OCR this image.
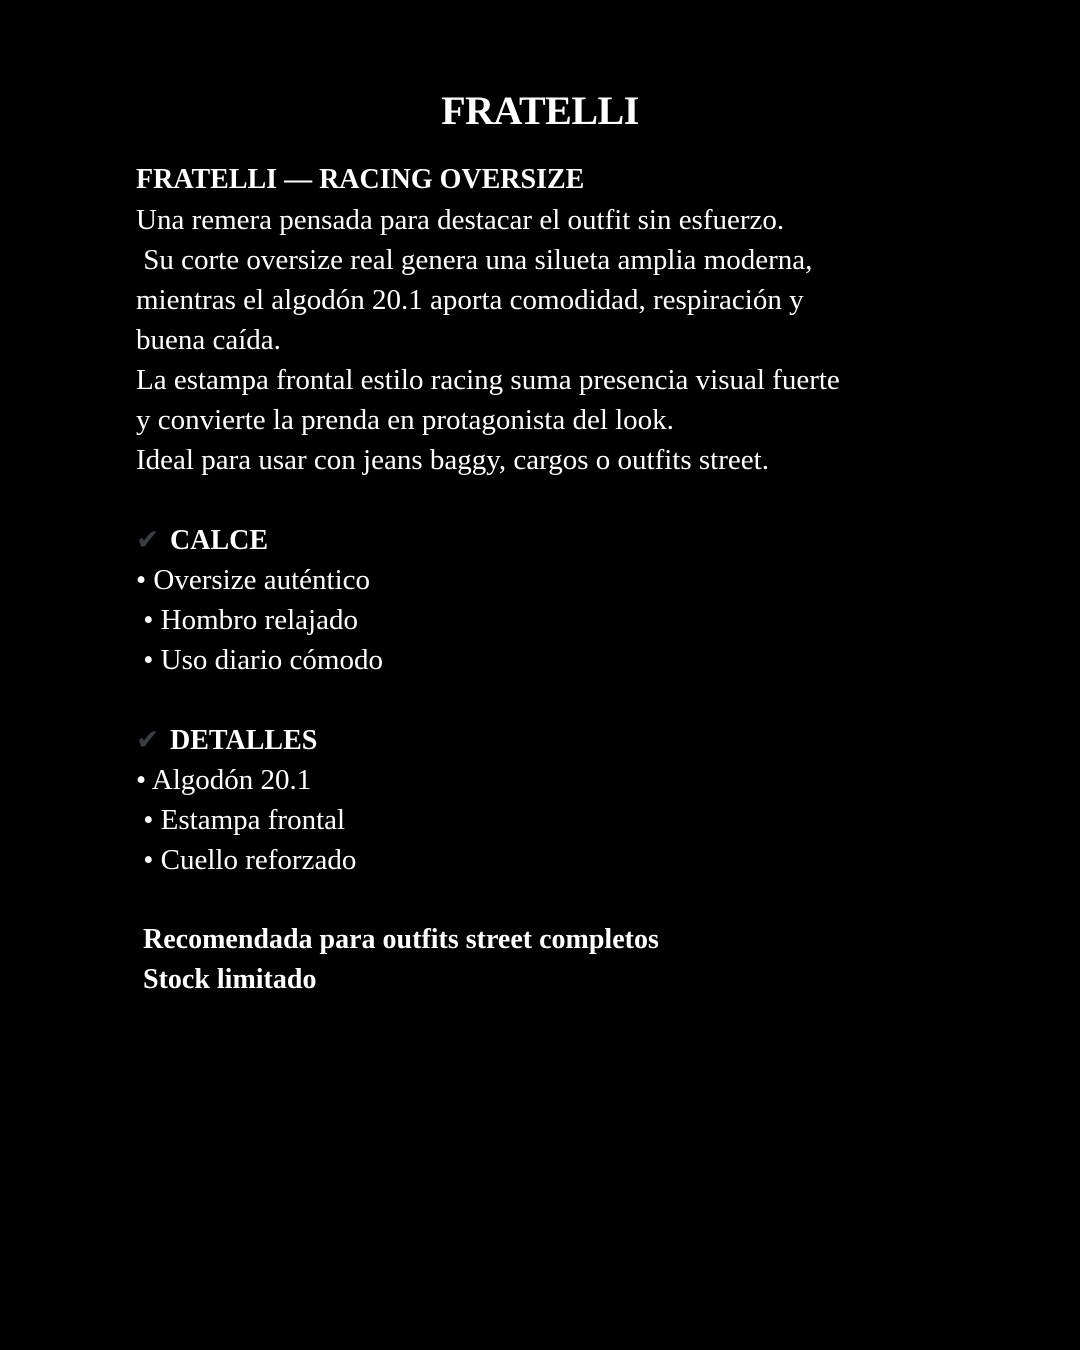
FRATELLI
FRATELLI — RACING OVERSIZE
Una remera pensada para destacar el outfit sin esfuerzo.
Su corte oversize real genera una silueta amplia moderna,
mientras el algodón 20.1 aporta comodidad, respiración y
buena caída.
La estampa frontal estilo racing suma presencia visual fuerte
y convierte la prenda en protagonista del look.
Ideal para usar con jeans baggy, cargos o outfits street.
✔ CALCE
• Oversize auténtico
• Hombro relajado
• Uso diario cómodo
✔ DETALLES
• Algodón 20.1
• Estampa frontal
• Cuello reforzado
Recomendada para outfits street completos
Stock limitado
